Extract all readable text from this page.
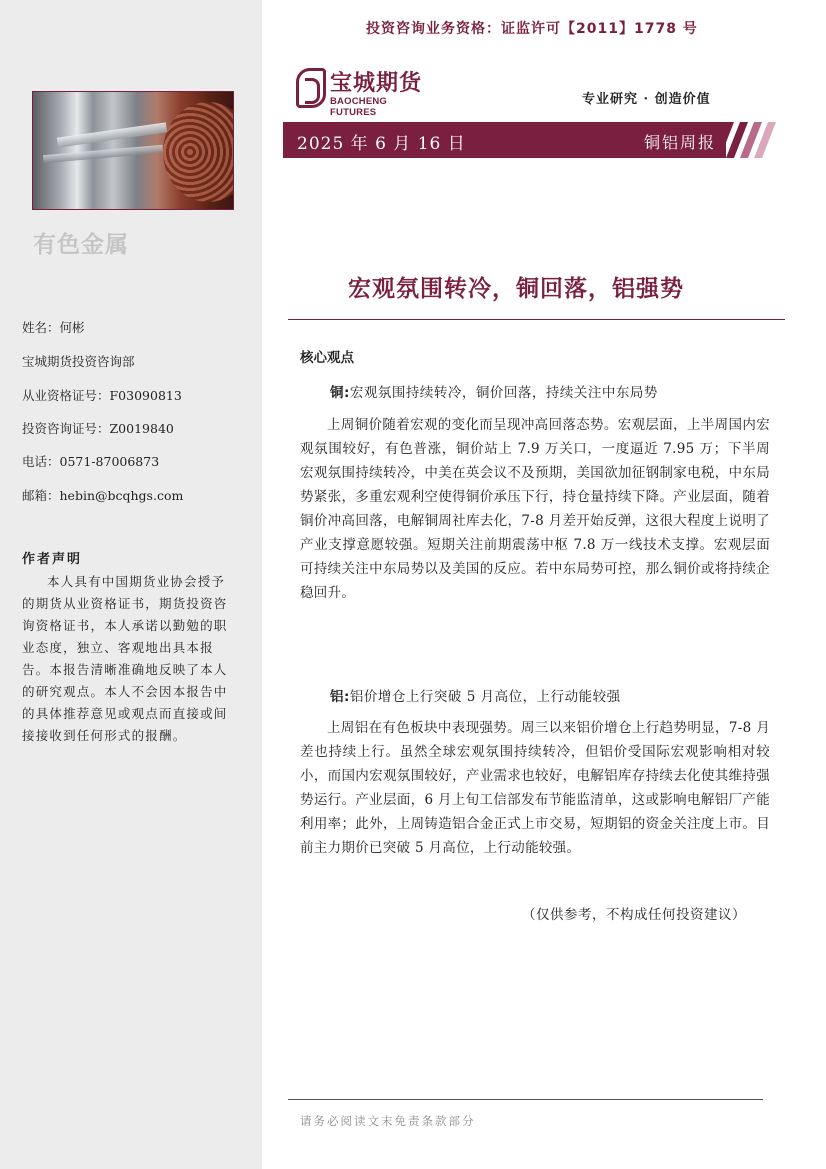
有色金属
姓名：何彬
宝城期货投资咨询部
从业资格证号：F03090813
投资咨询证号：Z0019840
电话：0571-87006873
邮箱：hebin@bcqhgs.com
作者声明
本人具有中国期货业协会授予的期货从业资格证书，期货投资咨询资格证书，本人承诺以勤勉的职业态度，独立、客观地出具本报告。本报告清晰准确地反映了本人的研究观点。本人不会因本报告中的具体推荐意见或观点而直接或间接接收到任何形式的报酬。
投资咨询业务资格：证监许可【2011】1778 号
宝城期货
BAOCHENG FUTURES
专业研究 · 创造价值
2025 年 6 月 16 日	铜铝周报
宏观氛围转冷，铜回落，铝强势
核心观点
铜:宏观氛围持续转冷，铜价回落，持续关注中东局势
上周铜价随着宏观的变化而呈现冲高回落态势。宏观层面，上半周国内宏观氛围较好，有色普涨，铜价站上 7.9 万关口，一度逼近 7.95 万；下半周宏观氛围持续转冷，中美在英会议不及预期，美国欲加征钢制家电税，中东局势紧张，多重宏观利空使得铜价承压下行，持仓量持续下降。产业层面，随着铜价冲高回落，电解铜周社库去化，7-8 月差开始反弹，这很大程度上说明了产业支撑意愿较强。短期关注前期震荡中枢 7.8 万一线技术支撑。宏观层面可持续关注中东局势以及美国的反应。若中东局势可控，那么铜价或将持续企稳回升。
铝:铝价增仓上行突破 5 月高位，上行动能较强
上周铝在有色板块中表现强势。周三以来铝价增仓上行趋势明显，7-8 月差也持续上行。虽然全球宏观氛围持续转冷，但铝价受国际宏观影响相对较小，而国内宏观氛围较好，产业需求也较好，电解铝库存持续去化使其维持强势运行。产业层面，6 月上旬工信部发布节能监清单，这或影响电解铝厂产能利用率；此外，上周铸造铝合金正式上市交易，短期铝的资金关注度上市。目前主力期价已突破 5 月高位，上行动能较强。
（仅供参考，不构成任何投资建议）
请务必阅读文末免责条款部分
